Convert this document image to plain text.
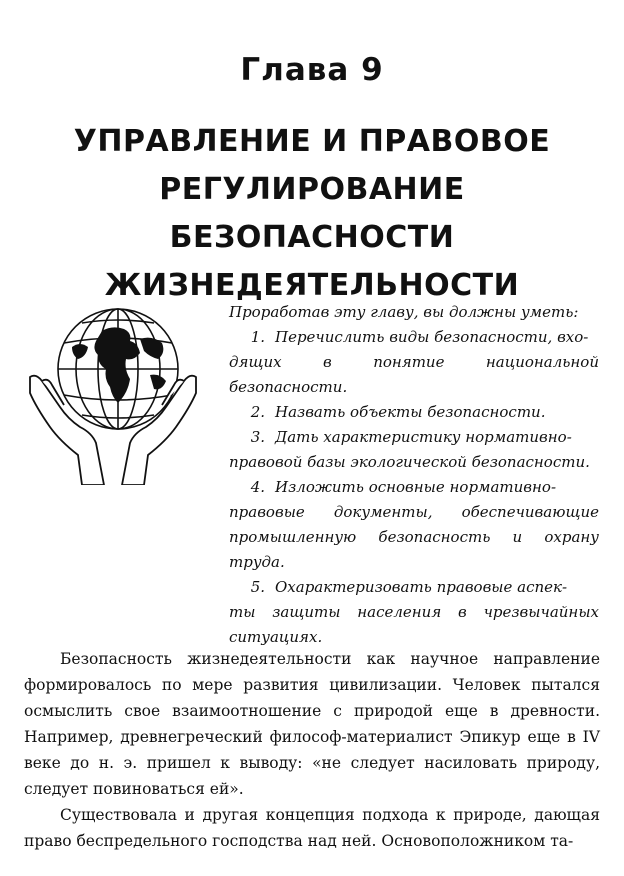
Глава 9
УПРАВЛЕНИЕ И ПРАВОВОЕ
РЕГУЛИРОВАНИЕ БЕЗОПАСНОСТИ
ЖИЗНЕДЕЯТЕЛЬНОСТИ

Проработав эту главу, вы должны уметь:

1. Перечислить виды безопасности, вхо-
дящих в понятие национальной безопасности.
2. Назвать объекты безопасности.
3. Дать характеристику нормативно-
правовой базы экологической безопасности.
4. Изложить основные нормативно-
правовые документы, обеспечивающие промышленную безопасность и охрану труда.
5. Охарактеризовать правовые аспек-
ты защиты населения в чрезвычайных ситуациях.

Безопасность жизнедеятельности как научное направление формировалось по мере развития цивилизации. Человек пытался осмыслить свое взаимоотношение с природой еще в древности. Например, древнегреческий философ-материалист Эпикур еще в IV веке до н. э. пришел к выводу: «не следует насиловать природу, следует повиноваться ей».

Существовала и другая концепция подхода к природе, дающая право беспредельного господства над ней. Основоположником та-
